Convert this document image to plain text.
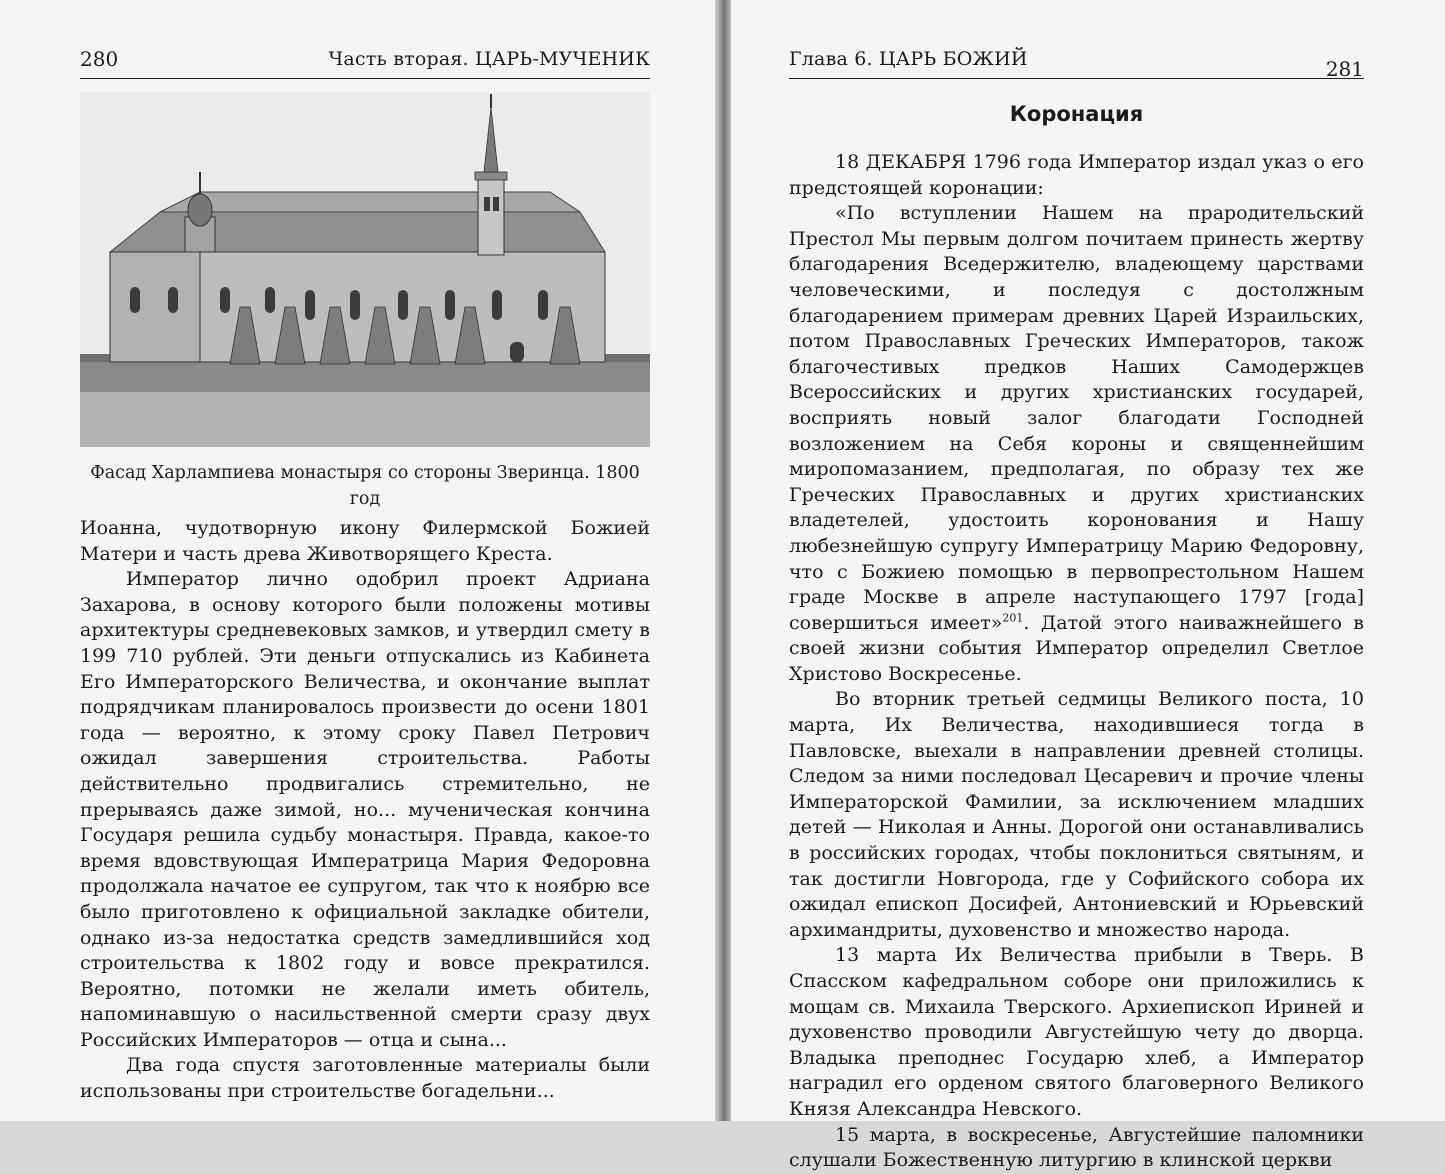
280	Часть вторая. ЦАРЬ-МУЧЕНИК
Фасад Харлампиева монастыря со стороны Зверинца. 1800 год

Иоанна, чудотворную икону Филермской Божией Матери и часть древа Животворящего Креста.

Император лично одобрил проект Адриана Захарова, в основу которого были положены мотивы архитектуры средневековых замков, и утвердил смету в 199 710 рублей. Эти деньги отпускались из Кабинета Его Императорского Величества, и окончание выплат подрядчикам планировалось произвести до осени 1801 года — вероятно, к этому сроку Павел Петрович ожидал завершения строительства. Работы действительно продвигались стремительно, не прерываясь даже зимой, но... мученическая кончина Государя решила судьбу монастыря. Правда, какое-то время вдовствующая Императрица Мария Федоровна продолжала начатое ее супругом, так что к ноябрю все было приготовлено к официальной закладке обители, однако из-за недостатка средств замедлившийся ход строительства к 1802 году и вовсе прекратился. Вероятно, потомки не желали иметь обитель, напоминавшую о насильственной смерти сразу двух Российских Императоров — отца и сына...

Два года спустя заготовленные материалы были использованы при строительстве богадельни...

Глава 6. ЦАРЬ БОЖИЙ	281
Коронация

18 ДЕКАБРЯ 1796 года Император издал указ о его предстоящей коронации:

«По вступлении Нашем на прародительский Престол Мы первым долгом почитаем принесть жертву благодарения Вседержителю, владеющему царствами человеческими, и последуя с достолжным благодарением примерам древних Царей Израильских, потом Православных Греческих Императоров, також благочестивых предков Наших Самодержцев Всероссийских и других христианских государей, восприять новый залог благодати Господней возложением на Себя короны и священнейшим миропомазанием, предполагая, по образу тех же Греческих Православных и других христианских владетелей, удостоить коронования и Нашу любезнейшую супругу Императрицу Марию Федоровну, что с Божиею помощью в первопрестольном Нашем граде Москве в апреле наступающего 1797 [года] совершиться имеет»$^{201}$. Датой этого наиважнейшего в своей жизни события Император определил Светлое Христово Воскресенье.

Во вторник третьей седмицы Великого поста, 10 марта, Их Величества, находившиеся тогда в Павловске, выехали в направлении древней столицы. Следом за ними последовал Цесаревич и прочие члены Императорской Фамилии, за исключением младших детей — Николая и Анны. Дорогой они останавливались в российских городах, чтобы поклониться святыням, и так достигли Новгорода, где у Софийского собора их ожидал епископ Досифей, Антониевский и Юрьевский архимандриты, духовенство и множество народа.

13 марта Их Величества прибыли в Тверь. В Спасском кафедральном соборе они приложились к мощам св. Михаила Тверского. Архиепископ Ириней и духовенство проводили Августейшую чету до дворца. Владыка преподнес Государю хлеб, а Император наградил его орденом святого благоверного Великого Князя Александра Невского.

15 марта, в воскресенье, Августейшие паломники слушали Божественную литургию в клинской церкви
